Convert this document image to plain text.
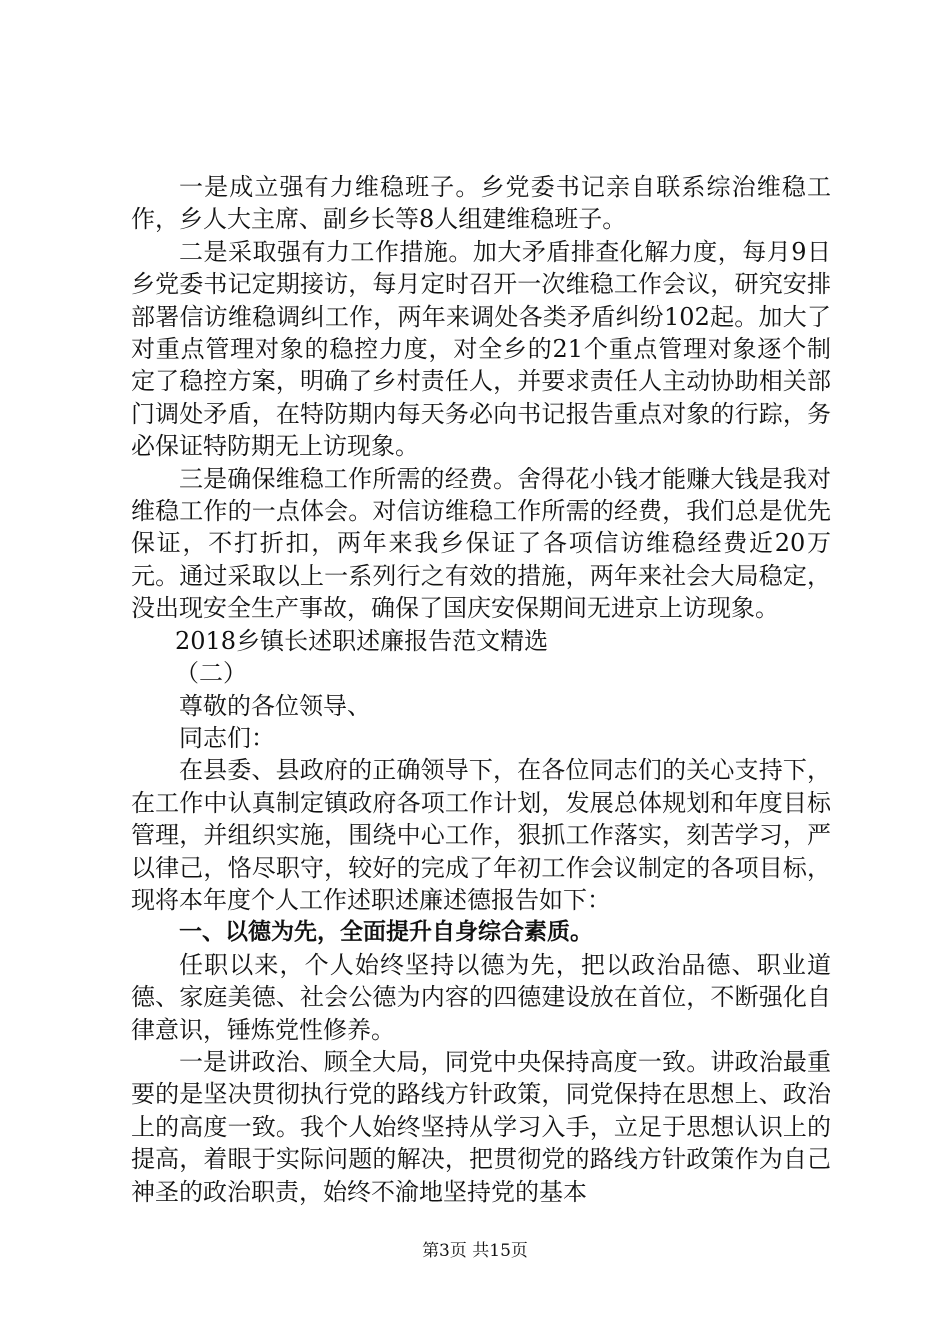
一是成立强有力维稳班子。乡党委书记亲自联系综治维稳工作，乡人大主席、副乡长等8人组建维稳班子。

二是采取强有力工作措施。加大矛盾排查化解力度，每月9日乡党委书记定期接访，每月定时召开一次维稳工作会议，研究安排部署信访维稳调纠工作，两年来调处各类矛盾纠纷102起。加大了对重点管理对象的稳控力度，对全乡的21个重点管理对象逐个制定了稳控方案，明确了乡村责任人，并要求责任人主动协助相关部门调处矛盾，在特防期内每天务必向书记报告重点对象的行踪，务必保证特防期无上访现象。

三是确保维稳工作所需的经费。舍得花小钱才能赚大钱是我对维稳工作的一点体会。对信访维稳工作所需的经费，我们总是优先保证，不打折扣，两年来我乡保证了各项信访维稳经费近20万元。通过采取以上一系列行之有效的措施，两年来社会大局稳定，没出现安全生产事故，确保了国庆安保期间无进京上访现象。

2018乡镇长述职述廉报告范文精选

（二）

尊敬的各位领导、

同志们：

在县委、县政府的正确领导下，在各位同志们的关心支持下，在工作中认真制定镇政府各项工作计划，发展总体规划和年度目标管理，并组织实施，围绕中心工作，狠抓工作落实，刻苦学习，严以律己，恪尽职守，较好的完成了年初工作会议制定的各项目标，现将本年度个人工作述职述廉述德报告如下：

一、以德为先，全面提升自身综合素质。

任职以来，个人始终坚持以德为先，把以政治品德、职业道德、家庭美德、社会公德为内容的四德建设放在首位，不断强化自律意识，锤炼党性修养。

一是讲政治、顾全大局，同党中央保持高度一致。讲政治最重要的是坚决贯彻执行党的路线方针政策，同党保持在思想上、政治上的高度一致。我个人始终坚持从学习入手，立足于思想认识上的提高，着眼于实际问题的解决，把贯彻党的路线方针政策作为自己神圣的政治职责，始终不渝地坚持党的基本

第3页 共15页
